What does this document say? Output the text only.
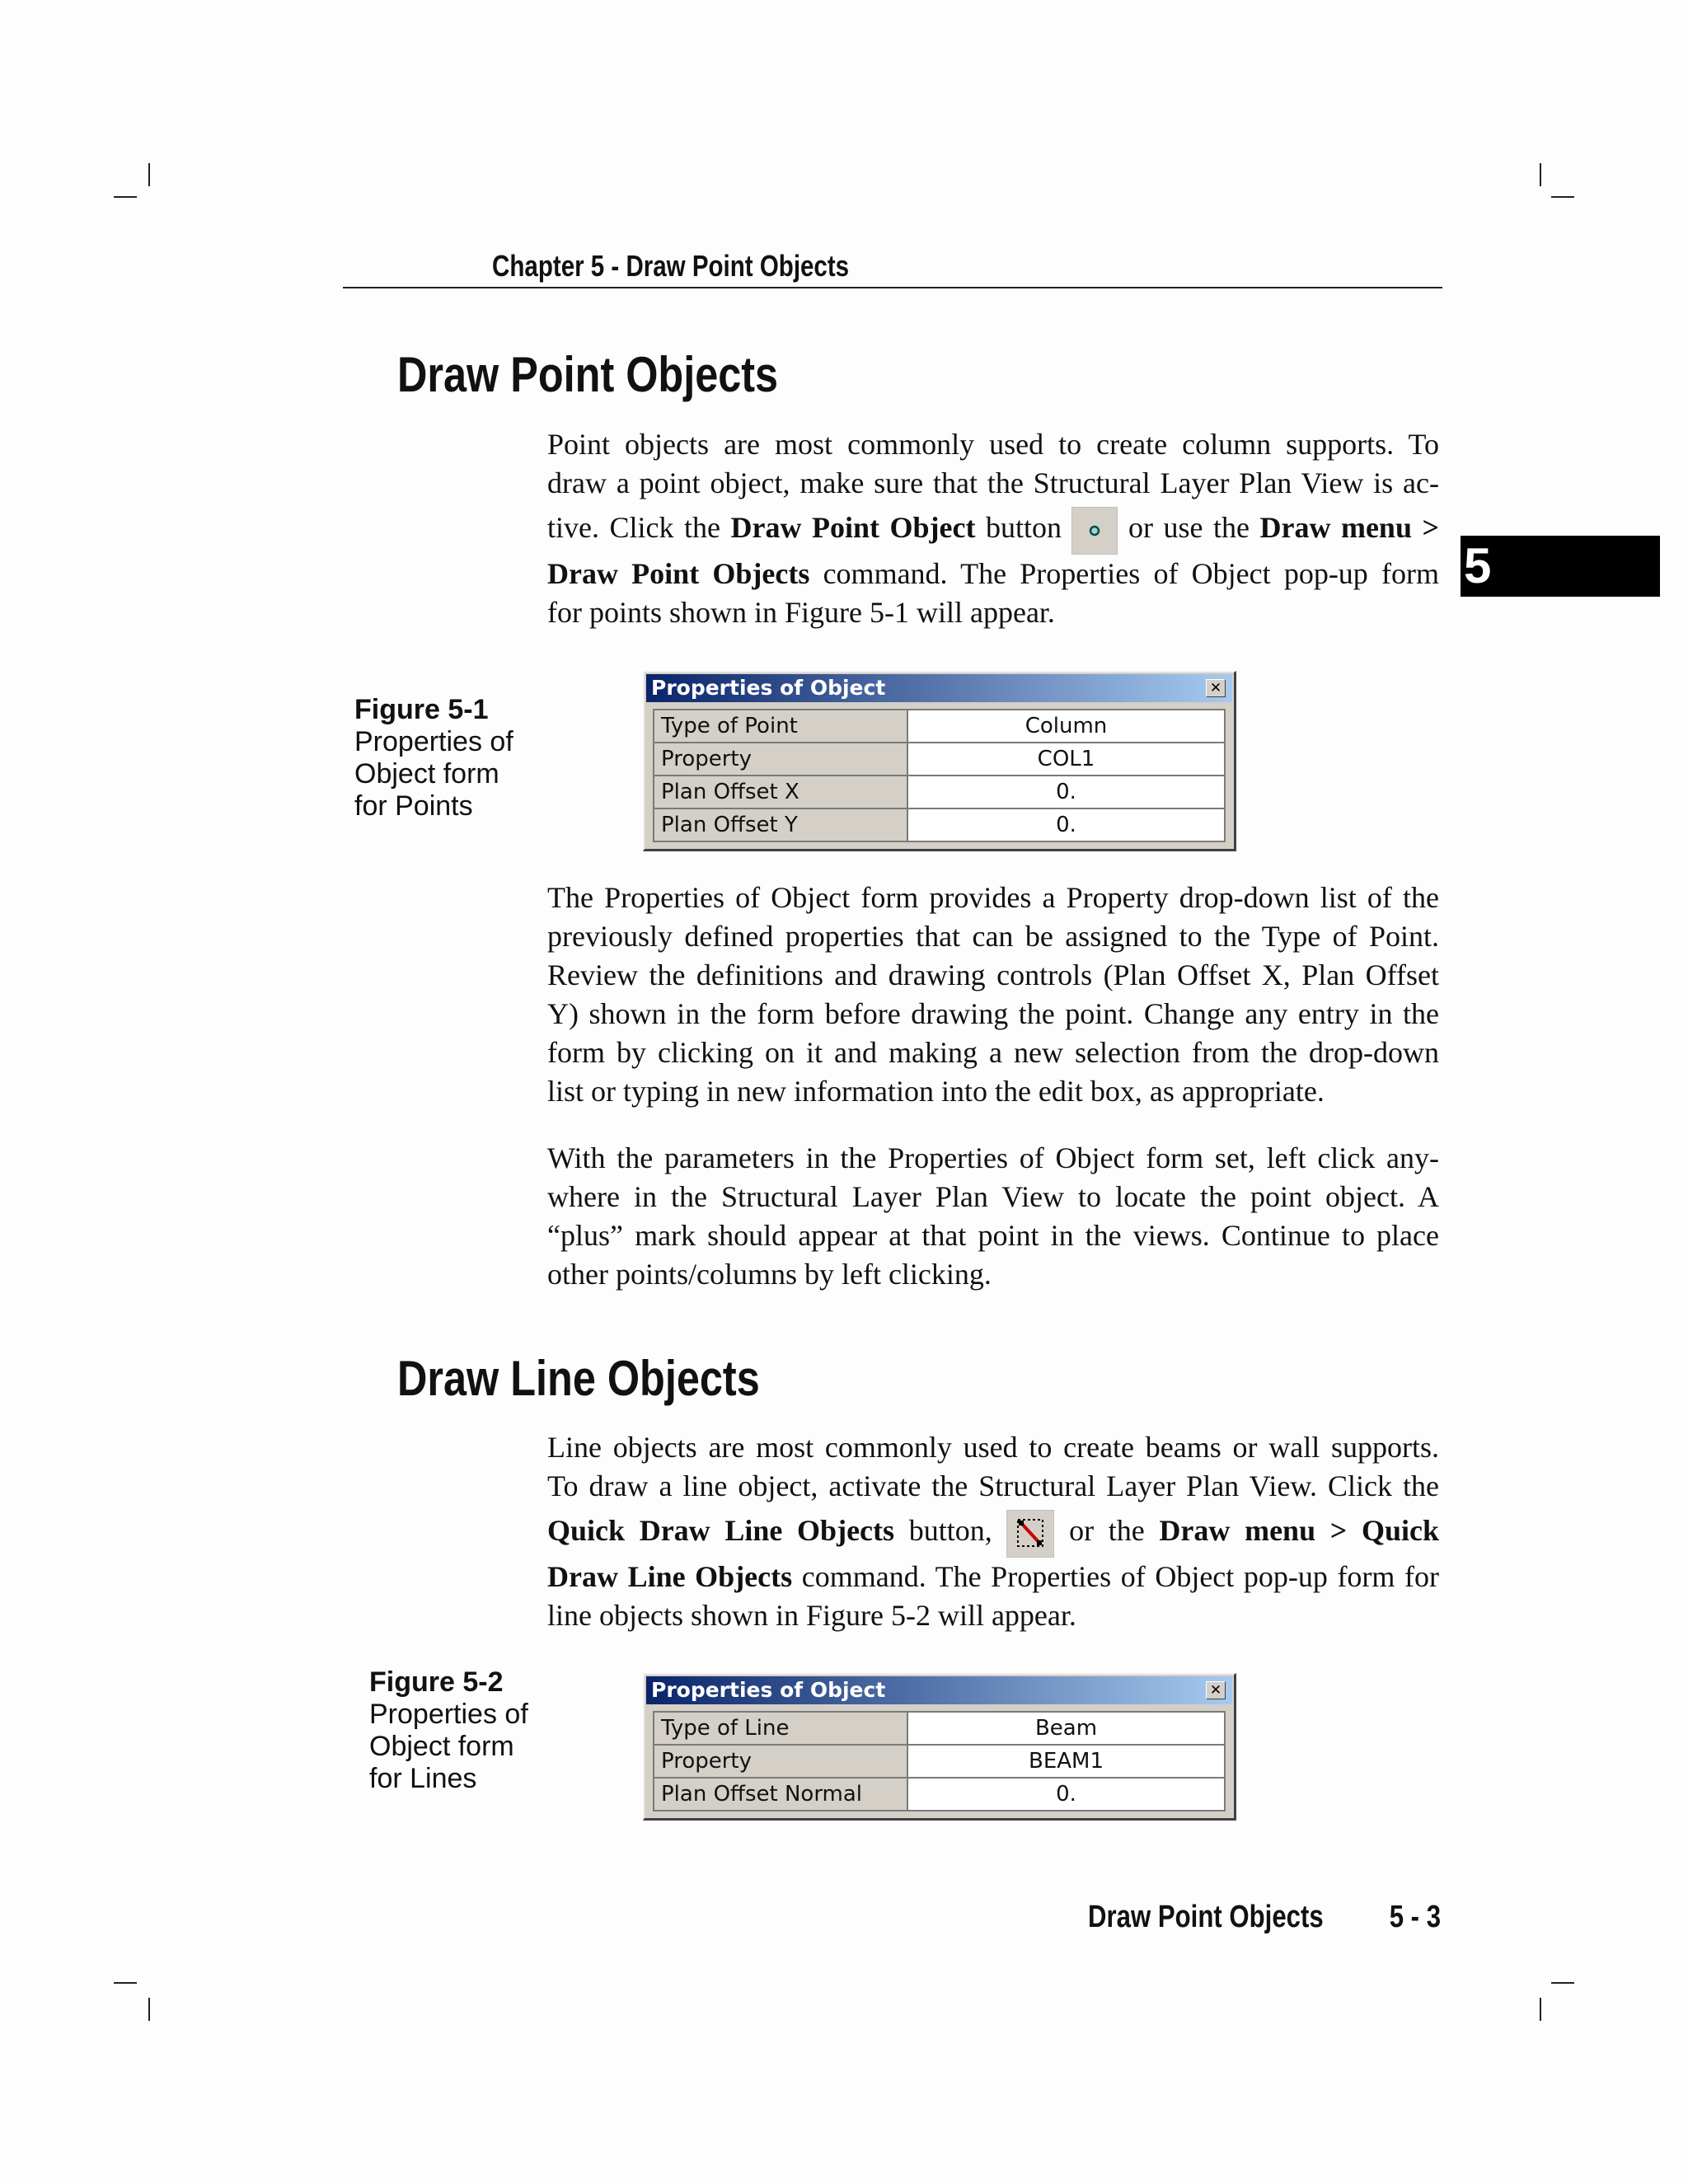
Chapter 5 - Draw Point Objects
5
Draw Point Objects
Point objects are most commonly used to create column supports. To
draw a point object, make sure that the Structural Layer Plan View is ac-
tive. Click the Draw Point Object button
or use the Draw menu >
Draw Point Objects command. The Properties of Object pop-up form
for points shown in Figure 5-1 will appear.
Figure 5-1
Properties of
Object form
for Points
Properties of Object	✕
Type of Point	Column
Property	COL1
Plan Offset X	0.
Plan Offset Y	0.
The Properties of Object form provides a Property drop-down list of the
previously defined properties that can be assigned to the Type of Point.
Review the definitions and drawing controls (Plan Offset X, Plan Offset
Y) shown in the form before drawing the point. Change any entry in the
form by clicking on it and making a new selection from the drop-down
list or typing in new information into the edit box, as appropriate.
With the parameters in the Properties of Object form set, left click any-
where in the Structural Layer Plan View to locate the point object. A
“plus” mark should appear at that point in the views. Continue to place
other points/columns by left clicking.
Draw Line Objects
Line objects are most commonly used to create beams or wall supports.
To draw a line object, activate the Structural Layer Plan View. Click the
Quick Draw Line Objects button,
or the Draw menu > Quick
Draw Line Objects command. The Properties of Object pop-up form for
line objects shown in Figure 5-2 will appear.
Figure 5-2
Properties of
Object form
for Lines
Properties of Object	✕
Type of Line	Beam
Property	BEAM1
Plan Offset Normal	0.
Draw Point Objects 5 - 3
